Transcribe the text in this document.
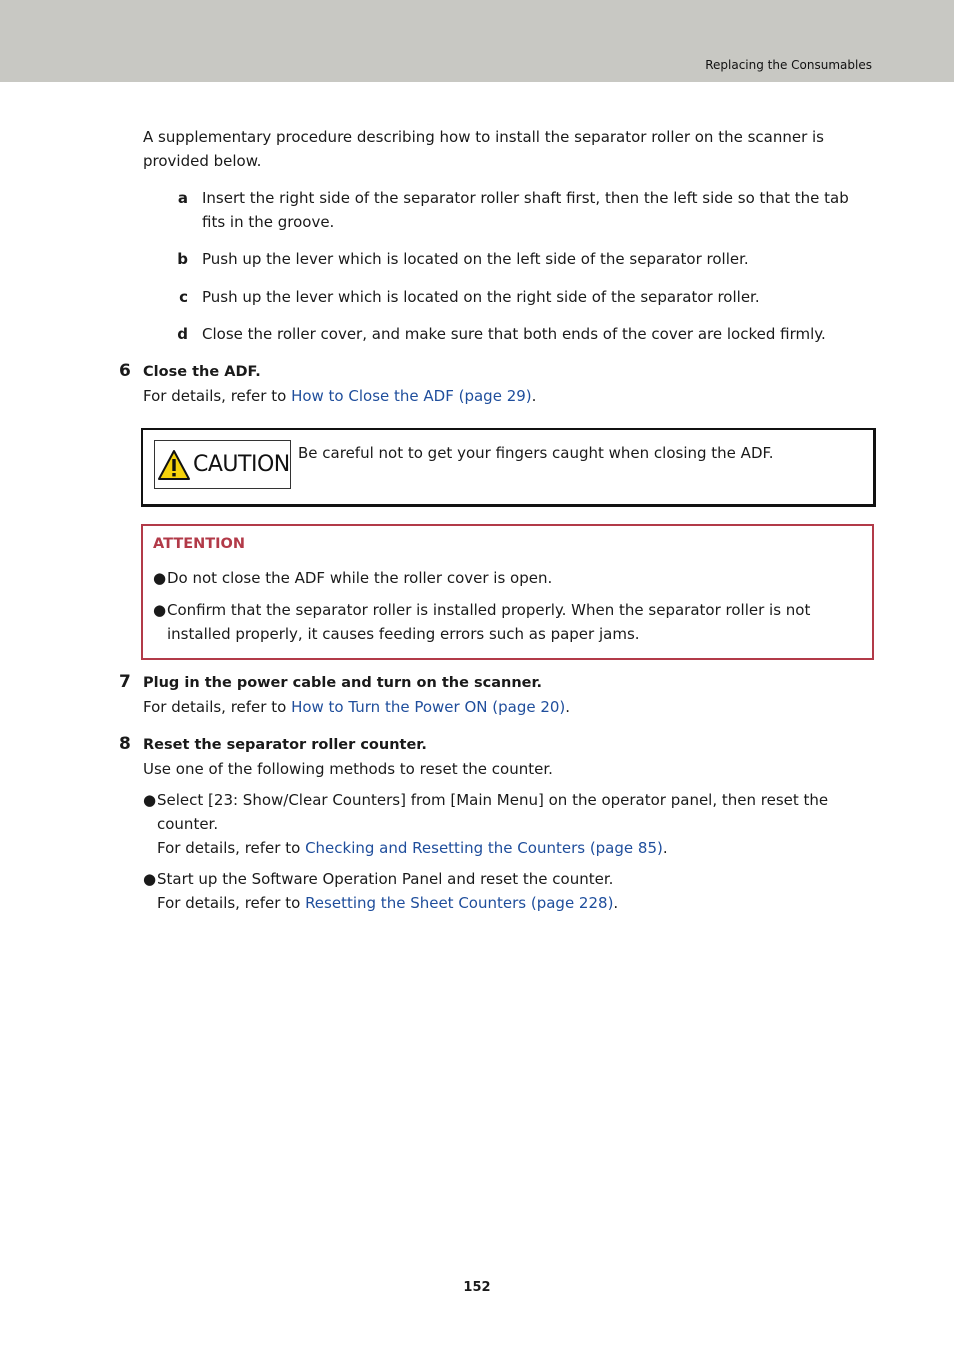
Replacing the Consumables
A supplementary procedure describing how to install the separator roller on the scanner is provided below.
a Insert the right side of the separator roller shaft first, then the left side so that the tab fits in the groove.
b Push up the lever which is located on the left side of the separator roller.
c Push up the lever which is located on the right side of the separator roller.
d Close the roller cover, and make sure that both ends of the cover are locked firmly.
6 Close the ADF.
For details, refer to How to Close the ADF (page 29).
CAUTION Be careful not to get your fingers caught when closing the ADF.
ATTENTION
● Do not close the ADF while the roller cover is open.
● Confirm that the separator roller is installed properly. When the separator roller is not installed properly, it causes feeding errors such as paper jams.
7 Plug in the power cable and turn on the scanner.
For details, refer to How to Turn the Power ON (page 20).
8 Reset the separator roller counter.
Use one of the following methods to reset the counter.
● Select [23: Show/Clear Counters] from [Main Menu] on the operator panel, then reset the counter.
For details, refer to Checking and Resetting the Counters (page 85).
● Start up the Software Operation Panel and reset the counter.
For details, refer to Resetting the Sheet Counters (page 228).
152
